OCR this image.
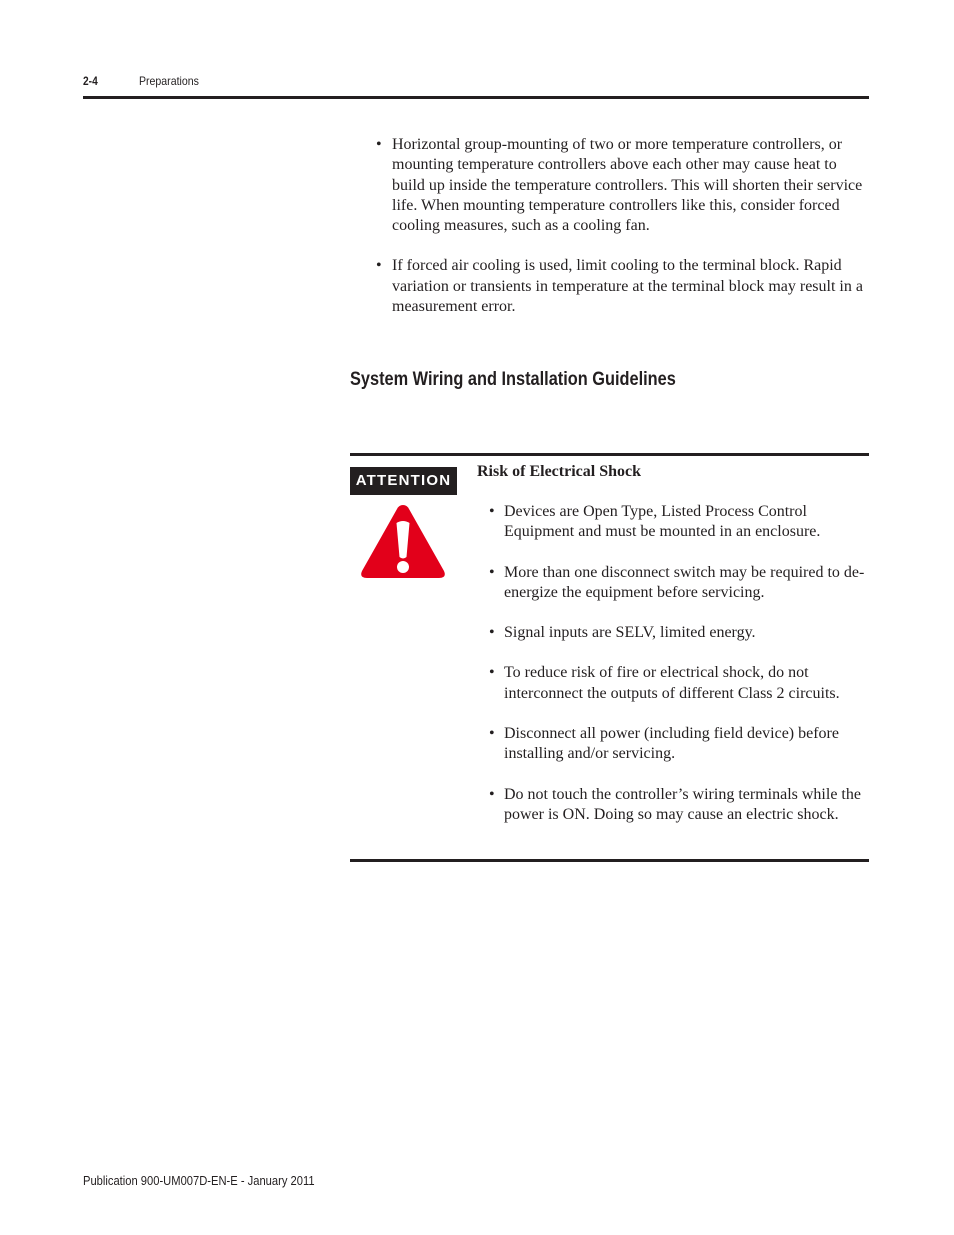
2-4	Preparations
• Horizontal group-mounting of two or more temperature controllers, or mounting temperature controllers above each other may cause heat to build up inside the temperature controllers. This will shorten their service life. When mounting temperature controllers like this, consider forced cooling measures, such as a cooling fan.
• If forced air cooling is used, limit cooling to the terminal block. Rapid variation or transients in temperature at the terminal block may result in a measurement error.
System Wiring and Installation Guidelines
ATTENTION
Risk of Electrical Shock
• Devices are Open Type, Listed Process Control Equipment and must be mounted in an enclosure.
• More than one disconnect switch may be required to de-energize the equipment before servicing.
• Signal inputs are SELV, limited energy.
• To reduce risk of fire or electrical shock, do not interconnect the outputs of different Class 2 circuits.
• Disconnect all power (including field device) before installing and/or servicing.
• Do not touch the controller’s wiring terminals while the power is ON. Doing so may cause an electric shock.
Publication 900-UM007D-EN-E - January 2011
